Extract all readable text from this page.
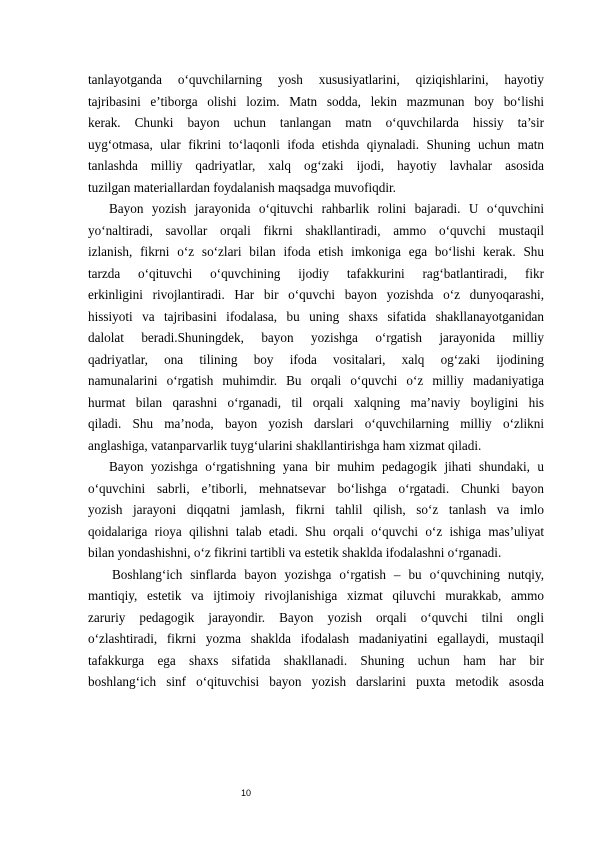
tanlayotganda o‘quvchilarning yosh xususiyatlarini, qiziqishlarini, hayotiy
tajribasini e’tiborga olishi lozim. Matn sodda, lekin mazmunan boy bo‘lishi
kerak. Chunki bayon uchun tanlangan matn o‘quvchilarda hissiy ta’sir
uyg‘otmasa, ular fikrini to‘laqonli ifoda etishda qiynaladi. Shuning uchun matn
tanlashda milliy qadriyatlar, xalq og‘zaki ijodi, hayotiy lavhalar asosida
tuzilgan materiallardan foydalanish maqsadga muvofiqdir.
Bayon yozish jarayonida o‘qituvchi rahbarlik rolini bajaradi. U o‘quvchini
yo‘naltiradi, savollar orqali fikrni shakllantiradi, ammo o‘quvchi mustaqil
izlanish, fikrni o‘z so‘zlari bilan ifoda etish imkoniga ega bo‘lishi kerak. Shu
tarzda o‘qituvchi o‘quvchining ijodiy tafakkurini rag‘batlantiradi, fikr
erkinligini rivojlantiradi. Har bir o‘quvchi bayon yozishda o‘z dunyoqarashi,
hissiyoti va tajribasini ifodalasa, bu uning shaxs sifatida shakllanayotganidan
dalolat beradi.Shuningdek, bayon yozishga o‘rgatish jarayonida milliy
qadriyatlar, ona tilining boy ifoda vositalari, xalq og‘zaki ijodining
namunalarini o‘rgatish muhimdir. Bu orqali o‘quvchi o‘z milliy madaniyatiga
hurmat bilan qarashni o‘rganadi, til orqali xalqning ma’naviy boyligini his
qiladi. Shu ma’noda, bayon yozish darslari o‘quvchilarning milliy o‘zlikni
anglashiga, vatanparvarlik tuyg‘ularini shakllantirishga ham xizmat qiladi.
Bayon yozishga o‘rgatishning yana bir muhim pedagogik jihati shundaki, u
o‘quvchini sabrli, e’tiborli, mehnatsevar bo‘lishga o‘rgatadi. Chunki bayon
yozish jarayoni diqqatni jamlash, fikrni tahlil qilish, so‘z tanlash va imlo
qoidalariga rioya qilishni talab etadi. Shu orqali o‘quvchi o‘z ishiga mas’uliyat
bilan yondashishni, o‘z fikrini tartibli va estetik shaklda ifodalashni o‘rganadi.
Boshlang‘ich sinflarda bayon yozishga o‘rgatish – bu o‘quvchining nutqiy,
mantiqiy, estetik va ijtimoiy rivojlanishiga xizmat qiluvchi murakkab, ammo
zaruriy pedagogik jarayondir. Bayon yozish orqali o‘quvchi tilni ongli
o‘zlashtiradi, fikrni yozma shaklda ifodalash madaniyatini egallaydi, mustaqil
tafakkurga ega shaxs sifatida shakllanadi. Shuning uchun ham har bir
boshlang‘ich sinf o‘qituvchisi bayon yozish darslarini puxta metodik asosda
10
